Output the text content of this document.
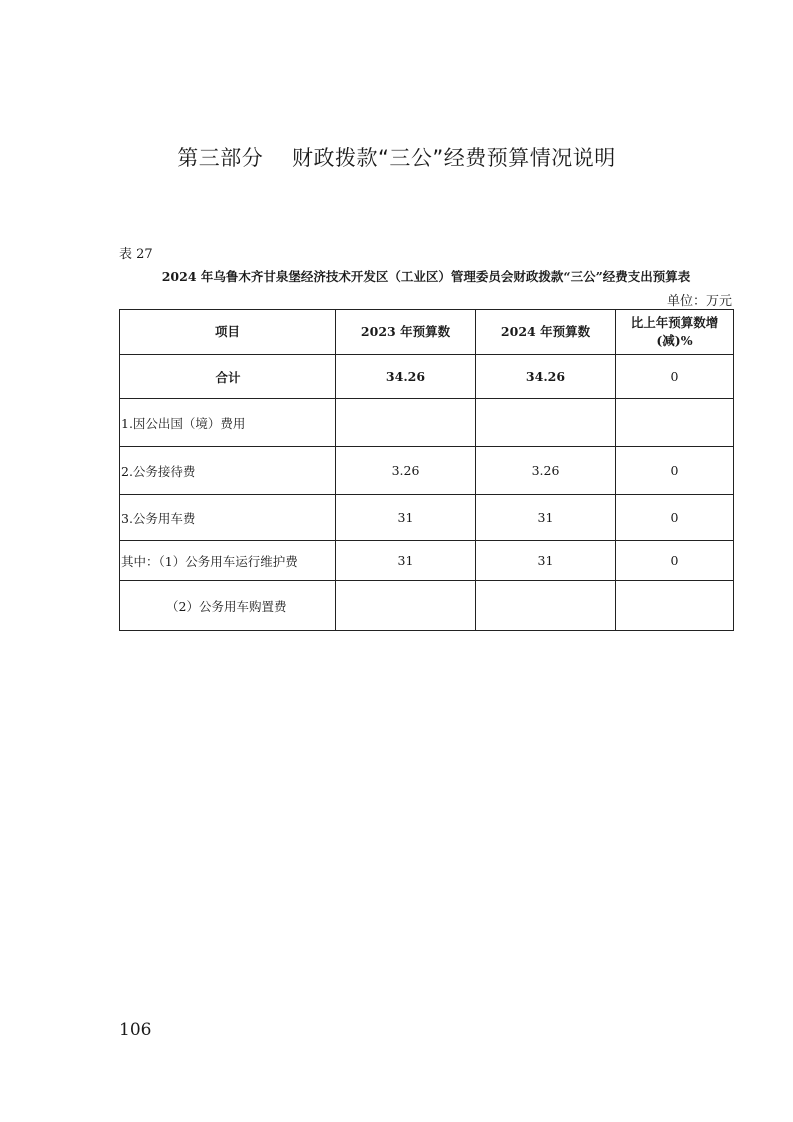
第三部分    财政拨款“三公”经费预算情况说明
表 27
2024 年乌鲁木齐甘泉堡经济技术开发区（工业区）管理委员会财政拨款“三公”经费支出预算表
单位：万元
项目	2023 年预算数	2024 年预算数	比上年预算数增(减)%
合计	34.26	34.26	0
1.因公出国（境）费用			
2.公务接待费	3.26	3.26	0
3.公务用车费	31	31	0
其中：（1）公务用车运行维护费	31	31	0
（2）公务用车购置费			
106
